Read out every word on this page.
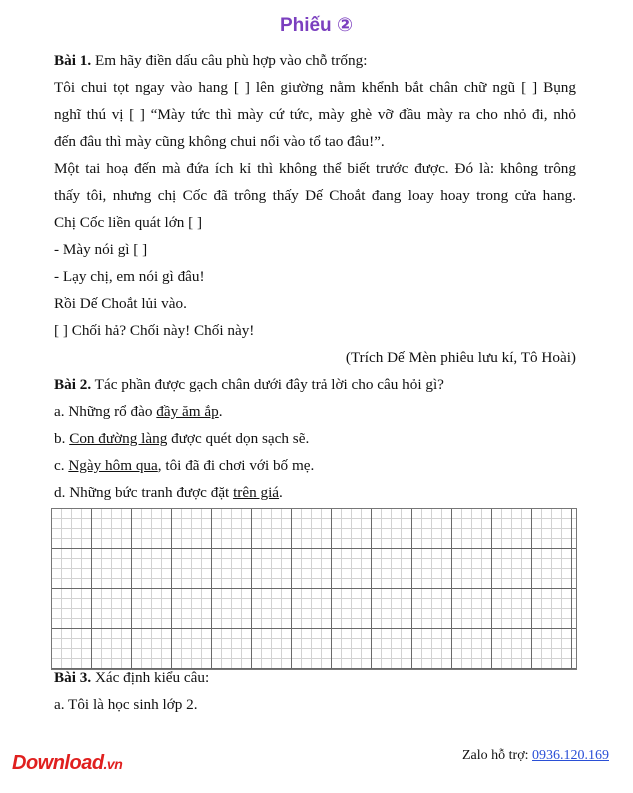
Phiếu ②
Bài 1. Em hãy điền dấu câu phù hợp vào chỗ trống:
Tôi chui tọt ngay vào hang [ ] lên giường nằm khểnh bắt chân chữ ngũ [ ] Bụng
nghĩ thú vị [ ] “Mày tức thì mày cứ tức, mày ghè vỡ đầu mày ra cho nhỏ đi, nhỏ
đến đâu thì mày cũng không chui nổi vào tổ tao đâu!”.
Một tai hoạ đến mà đứa ích kỉ thì không thể biết trước được. Đó là: không trông
thấy tôi, nhưng chị Cốc đã trông thấy Dế Choắt đang loay hoay trong cửa hang.
Chị Cốc liền quát lớn [ ]
- Mày nói gì [ ]
- Lạy chị, em nói gì đâu!
Rồi Dế Choắt lủi vào.
[ ] Chối hả? Chối này! Chối này!
(Trích Dế Mèn phiêu lưu kí, Tô Hoài)
Bài 2. Tác phần được gạch chân dưới đây trả lời cho câu hỏi gì?
a. Những rổ đào đầy ăm ắp.
b. Con đường làng được quét dọn sạch sẽ.
c. Ngày hôm qua, tôi đã đi chơi với bố mẹ.
d. Những bức tranh được đặt trên giá.
Bài 3. Xác định kiểu câu:
a. Tôi là học sinh lớp 2.
Download.vn
Zalo hỗ trợ: 0936.120.169
